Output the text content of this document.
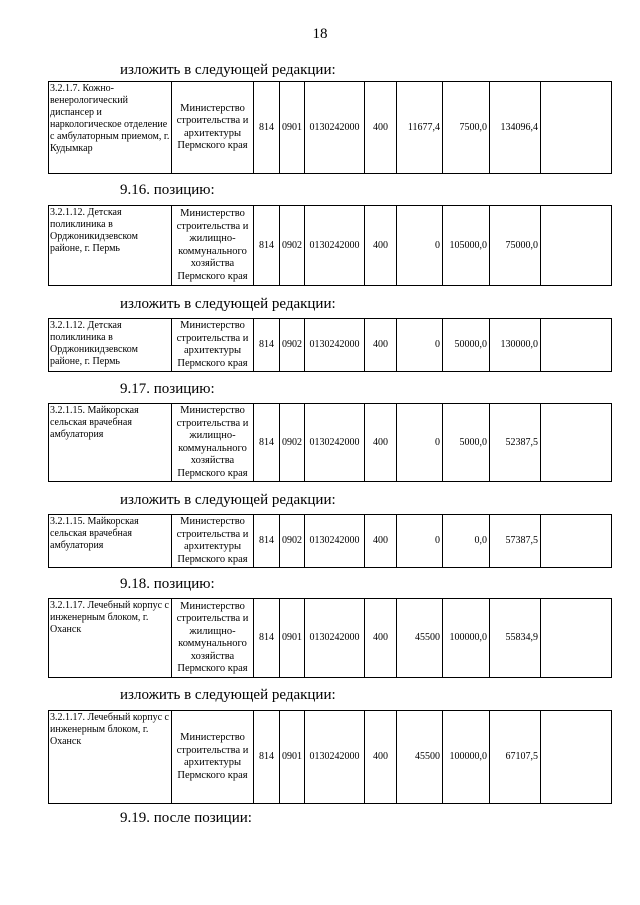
18
изложить в следующей редакции:
3.2.1.7. Кожно-венерологический диспансер и наркологическое отделение с амбулаторным приемом, г. Кудымкар	Министерство строительства и архитектуры Пермского края	814	0901	0130242000	400	11677,4	7500,0	134096,4	
9.16. позицию:
3.2.1.12. Детская поликлиника в Орджоникидзевском районе, г. Пермь	Министерство строительства и жилищно-коммунального хозяйства Пермского края	814	0902	0130242000	400	0	105000,0	75000,0	
изложить в следующей редакции:
3.2.1.12. Детская поликлиника в Орджоникидзевском районе, г. Пермь	Министерство строительства и архитектуры Пермского края	814	0902	0130242000	400	0	50000,0	130000,0	
9.17. позицию:
3.2.1.15. Майкорская сельская врачебная амбулатория	Министерство строительства и жилищно-коммунального хозяйства Пермского края	814	0902	0130242000	400	0	5000,0	52387,5	
изложить в следующей редакции:
3.2.1.15. Майкорская сельская врачебная амбулатория	Министерство строительства и архитектуры Пермского края	814	0902	0130242000	400	0	0,0	57387,5	
9.18. позицию:
3.2.1.17. Лечебный корпус с инженерным блоком, г. Оханск	Министерство строительства и жилищно-коммунального хозяйства Пермского края	814	0901	0130242000	400	45500	100000,0	55834,9	
изложить в следующей редакции:
3.2.1.17. Лечебный корпус с инженерным блоком, г. Оханск	Министерство строительства и архитектуры Пермского края	814	0901	0130242000	400	45500	100000,0	67107,5	
9.19. после позиции:
